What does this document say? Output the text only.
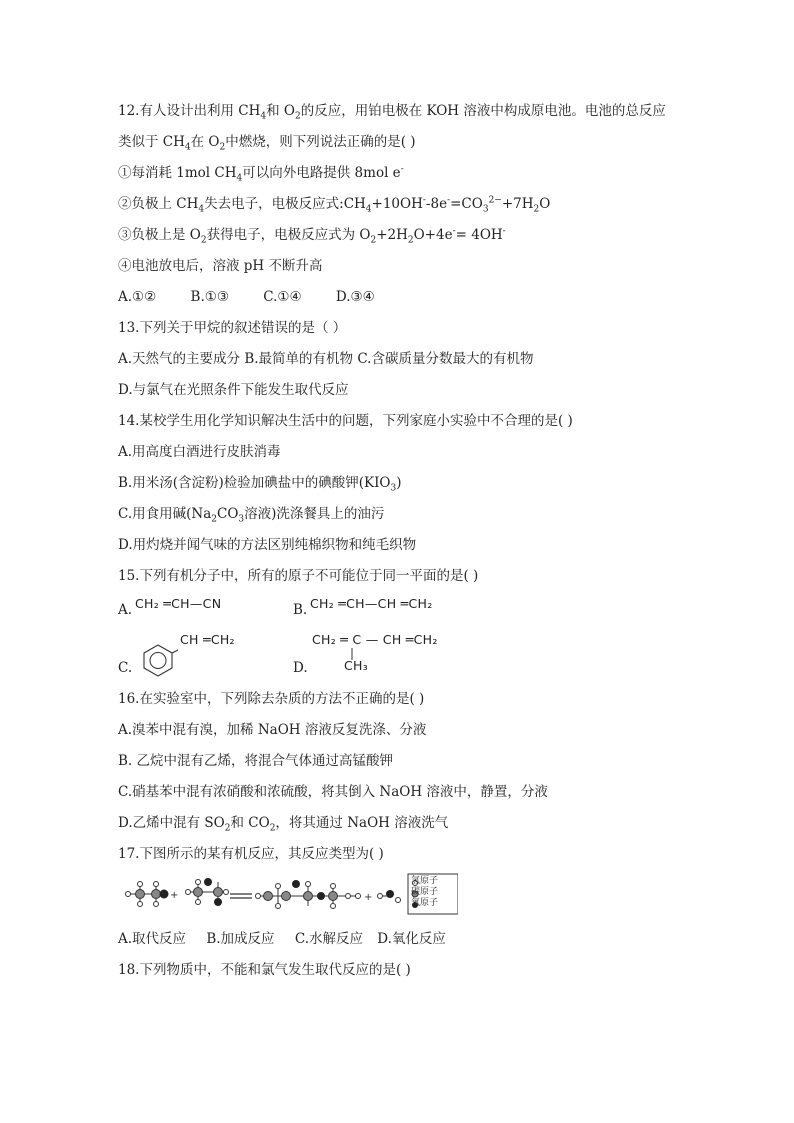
12.有人设计出利用 $CH_4$和 $O_2$的反应，用铂电极在 KOH 溶液中构成原电池。电池的总反应
类似于 $CH_4$在 $O_2$中燃烧，则下列说法正确的是( )
①每消耗 1mol $CH_4$可以向外电路提供 8mol e-
②负极上 $CH_4$失去电子，电极反应式$:CH_4+10OH^--8e^-=CO_3^{2-}+7H_2O$
③负极上是 $O_2$获得电子，电极反应式为 $O_2+2H_2O+4e^-= 4OH^-$
④电池放电后，溶液 pH 不断升高
A.①②	B.①③	C.①④	D.③④
13.下列关于甲烷的叙述错误的是（ ）
A.天然气的主要成分 B.最简单的有机物 C.含碳质量分数最大的有机物
D.与氯气在光照条件下能发生取代反应
14.某校学生用化学知识解决生活中的问题，下列家庭小实验中不合理的是( )
A.用高度白酒进行皮肤消毒
B.用米汤(含淀粉)检验加碘盐中的碘酸钾$(KIO_3)$
C.用食用碱($Na_2CO_3$溶液)洗涤餐具上的油污
D.用灼烧并闻气味的方法区别纯棉织物和纯毛织物
15.下列有机分子中，所有的原子不可能位于同一平面的是( )
A. CH₂ ═CH—CN	B. CH₂ ═CH—CH ═CH₂
C.
CH ═CH₂
D.
CH₂ ═ C — CH ═CH₂
CH₃
16.在实验室中，下列除去杂质的方法不正确的是( )
A.溴苯中混有溴，加稀 NaOH 溶液反复洗涤、分液
B. 乙烷中混有乙烯，将混合气体通过高锰酸钾
C.硝基苯中混有浓硝酸和浓硫酸，将其倒入 NaOH 溶液中，静置，分液
D.乙烯中混有 $SO_2$和 $CO_2$，将其通过 NaOH 溶液洗气
17.下图所示的某有机反应，其反应类型为( )
+	+
氢原子
碳原子
氧原子
A.取代反应 B.加成反应 C.水解反应 D.氧化反应
18.下列物质中，不能和氯气发生取代反应的是( )
